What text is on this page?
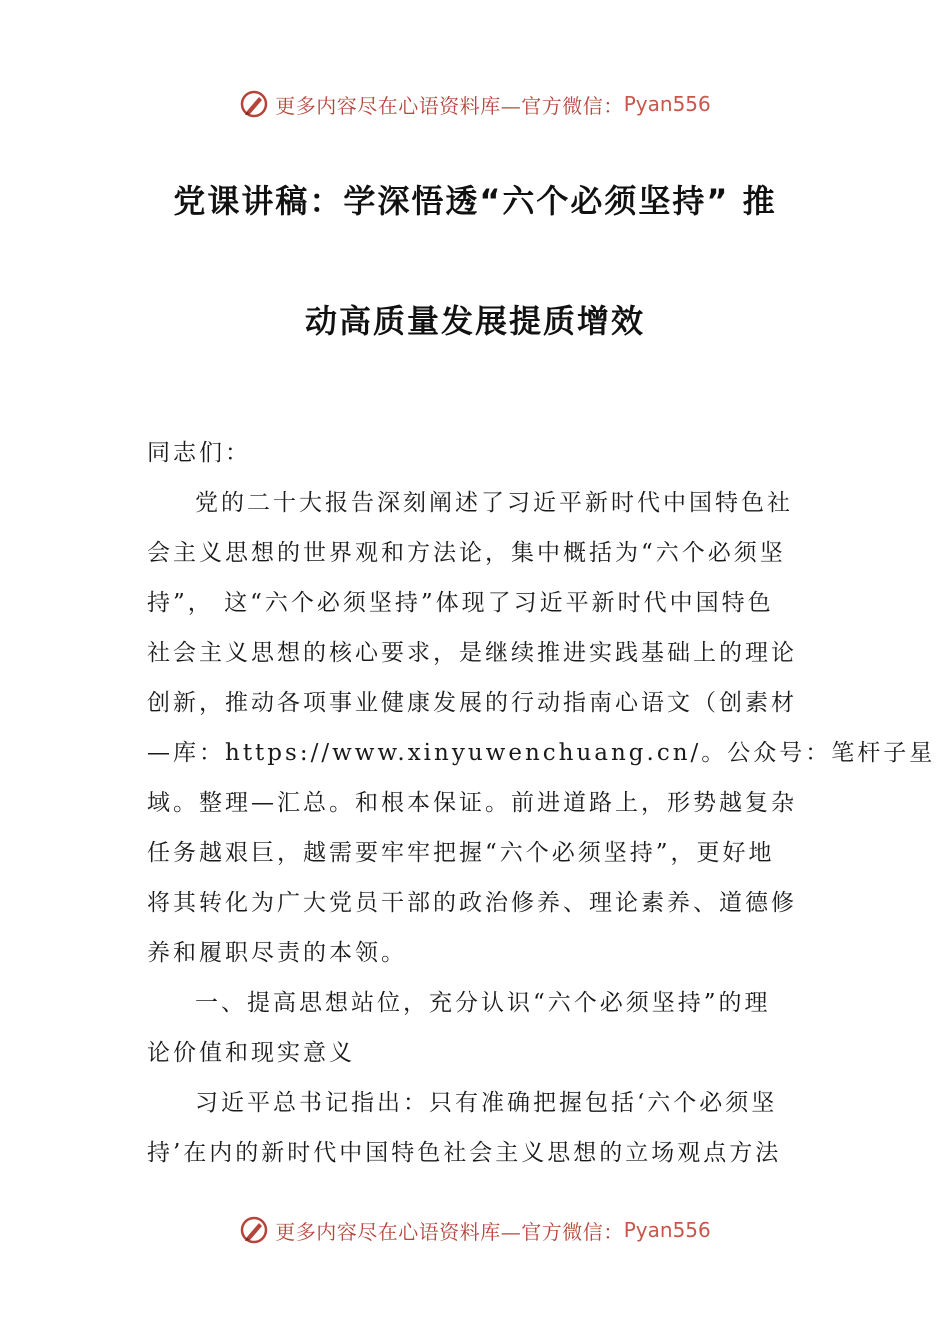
更多内容尽在心语资料库—官方微信： Pyan556
党课讲稿：学深悟透“六个必须坚持” 推
动高质量发展提质增效
同志们：
党的二十大报告深刻阐述了习近平新时代中国特色社
会主义思想的世界观和方法论，集中概括为“六个必须坚
持”， 这“六个必须坚持”体现了习近平新时代中国特色
社会主义思想的核心要求，是继续推进实践基础上的理论
创新，推动各项事业健康发展的行动指南心语文（创素材
—库：https://www.xinyuwenchuang.cn/。公众号：笔杆子星
域。整理—汇总。和根本保证。前进道路上，形势越复杂
任务越艰巨，越需要牢牢把握“六个必须坚持”，更好地
将其转化为广大党员干部的政治修养、理论素养、道德修
养和履职尽责的本领。
一、提高思想站位，充分认识“六个必须坚持”的理
论价值和现实意义
习近平总书记指出：只有准确把握包括‘六个必须坚
持’在内的新时代中国特色社会主义思想的立场观点方法
更多内容尽在心语资料库—官方微信： Pyan556
